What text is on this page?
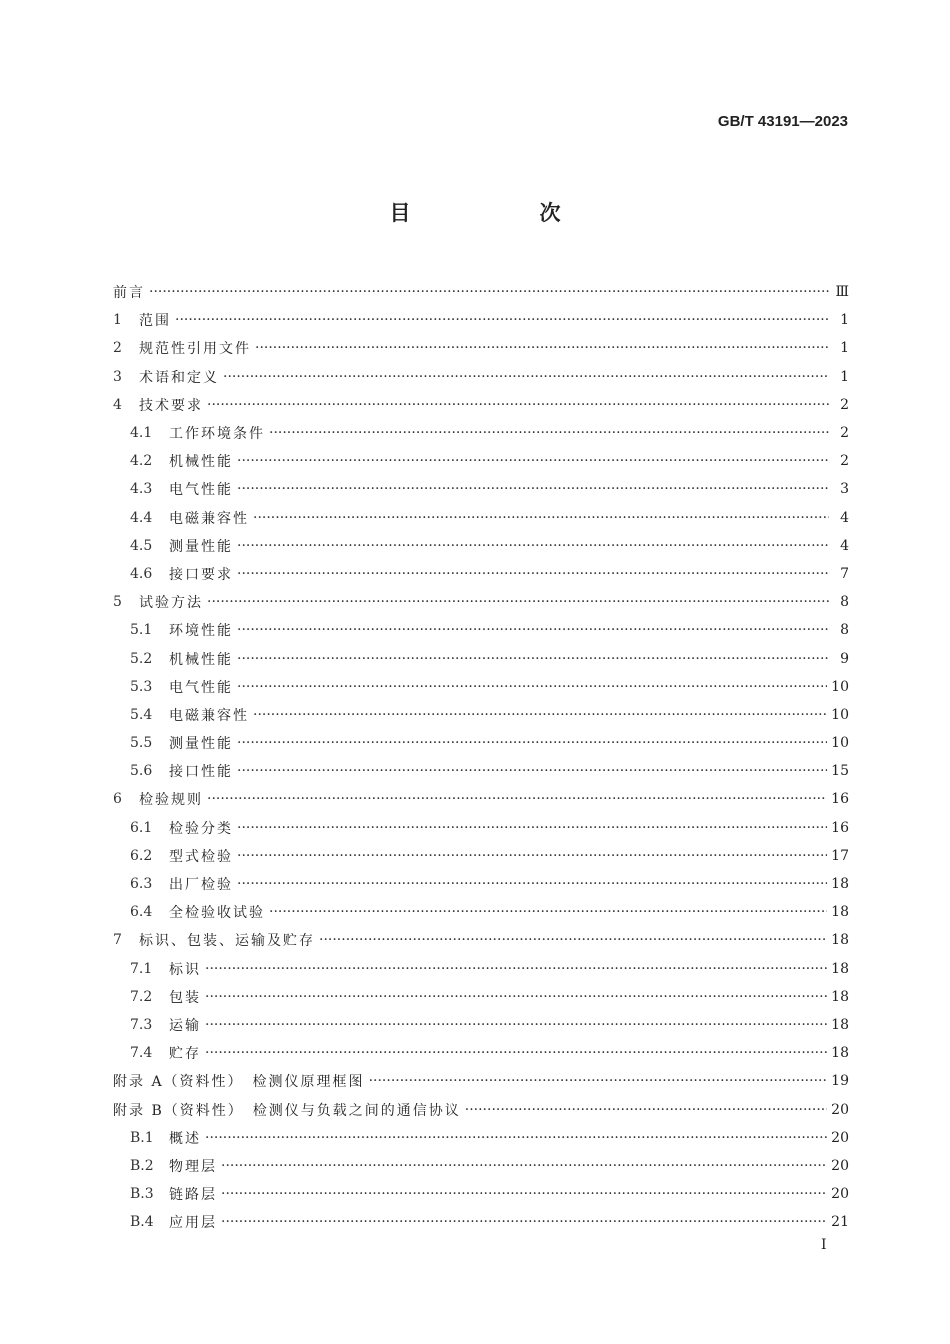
GB/T 43191—2023
目　次
前言 ·····	Ⅲ
1	范围 ·····	1
2	规范性引用文件 ·····	1
3	术语和定义 ·····	1
4	技术要求 ·····	2
4.1	工作环境条件 ·····	2
4.2	机械性能 ·····	2
4.3	电气性能 ·····	3
4.4	电磁兼容性 ·····	4
4.5	测量性能 ·····	4
4.6	接口要求 ·····	7
5	试验方法 ·····	8
5.1	环境性能 ·····	8
5.2	机械性能 ·····	9
5.3	电气性能 ·····	10
5.4	电磁兼容性 ·····	10
5.5	测量性能 ·····	10
5.6	接口性能 ·····	15
6	检验规则 ·····	16
6.1	检验分类 ·····	16
6.2	型式检验 ·····	17
6.3	出厂检验 ·····	18
6.4	全检验收试验 ·····	18
7	标识、包装、运输及贮存 ·····	18
7.1	标识 ·····	18
7.2	包装 ·····	18
7.3	运输 ·····	18
7.4	贮存 ·····	18
附录 A（资料性）　检测仪原理框图 ·····	19
附录 B（资料性）　检测仪与负载之间的通信协议 ·····	20
B.1	概述 ·····	20
B.2	物理层 ·····	20
B.3	链路层 ·····	20
B.4	应用层 ·····	21
I
